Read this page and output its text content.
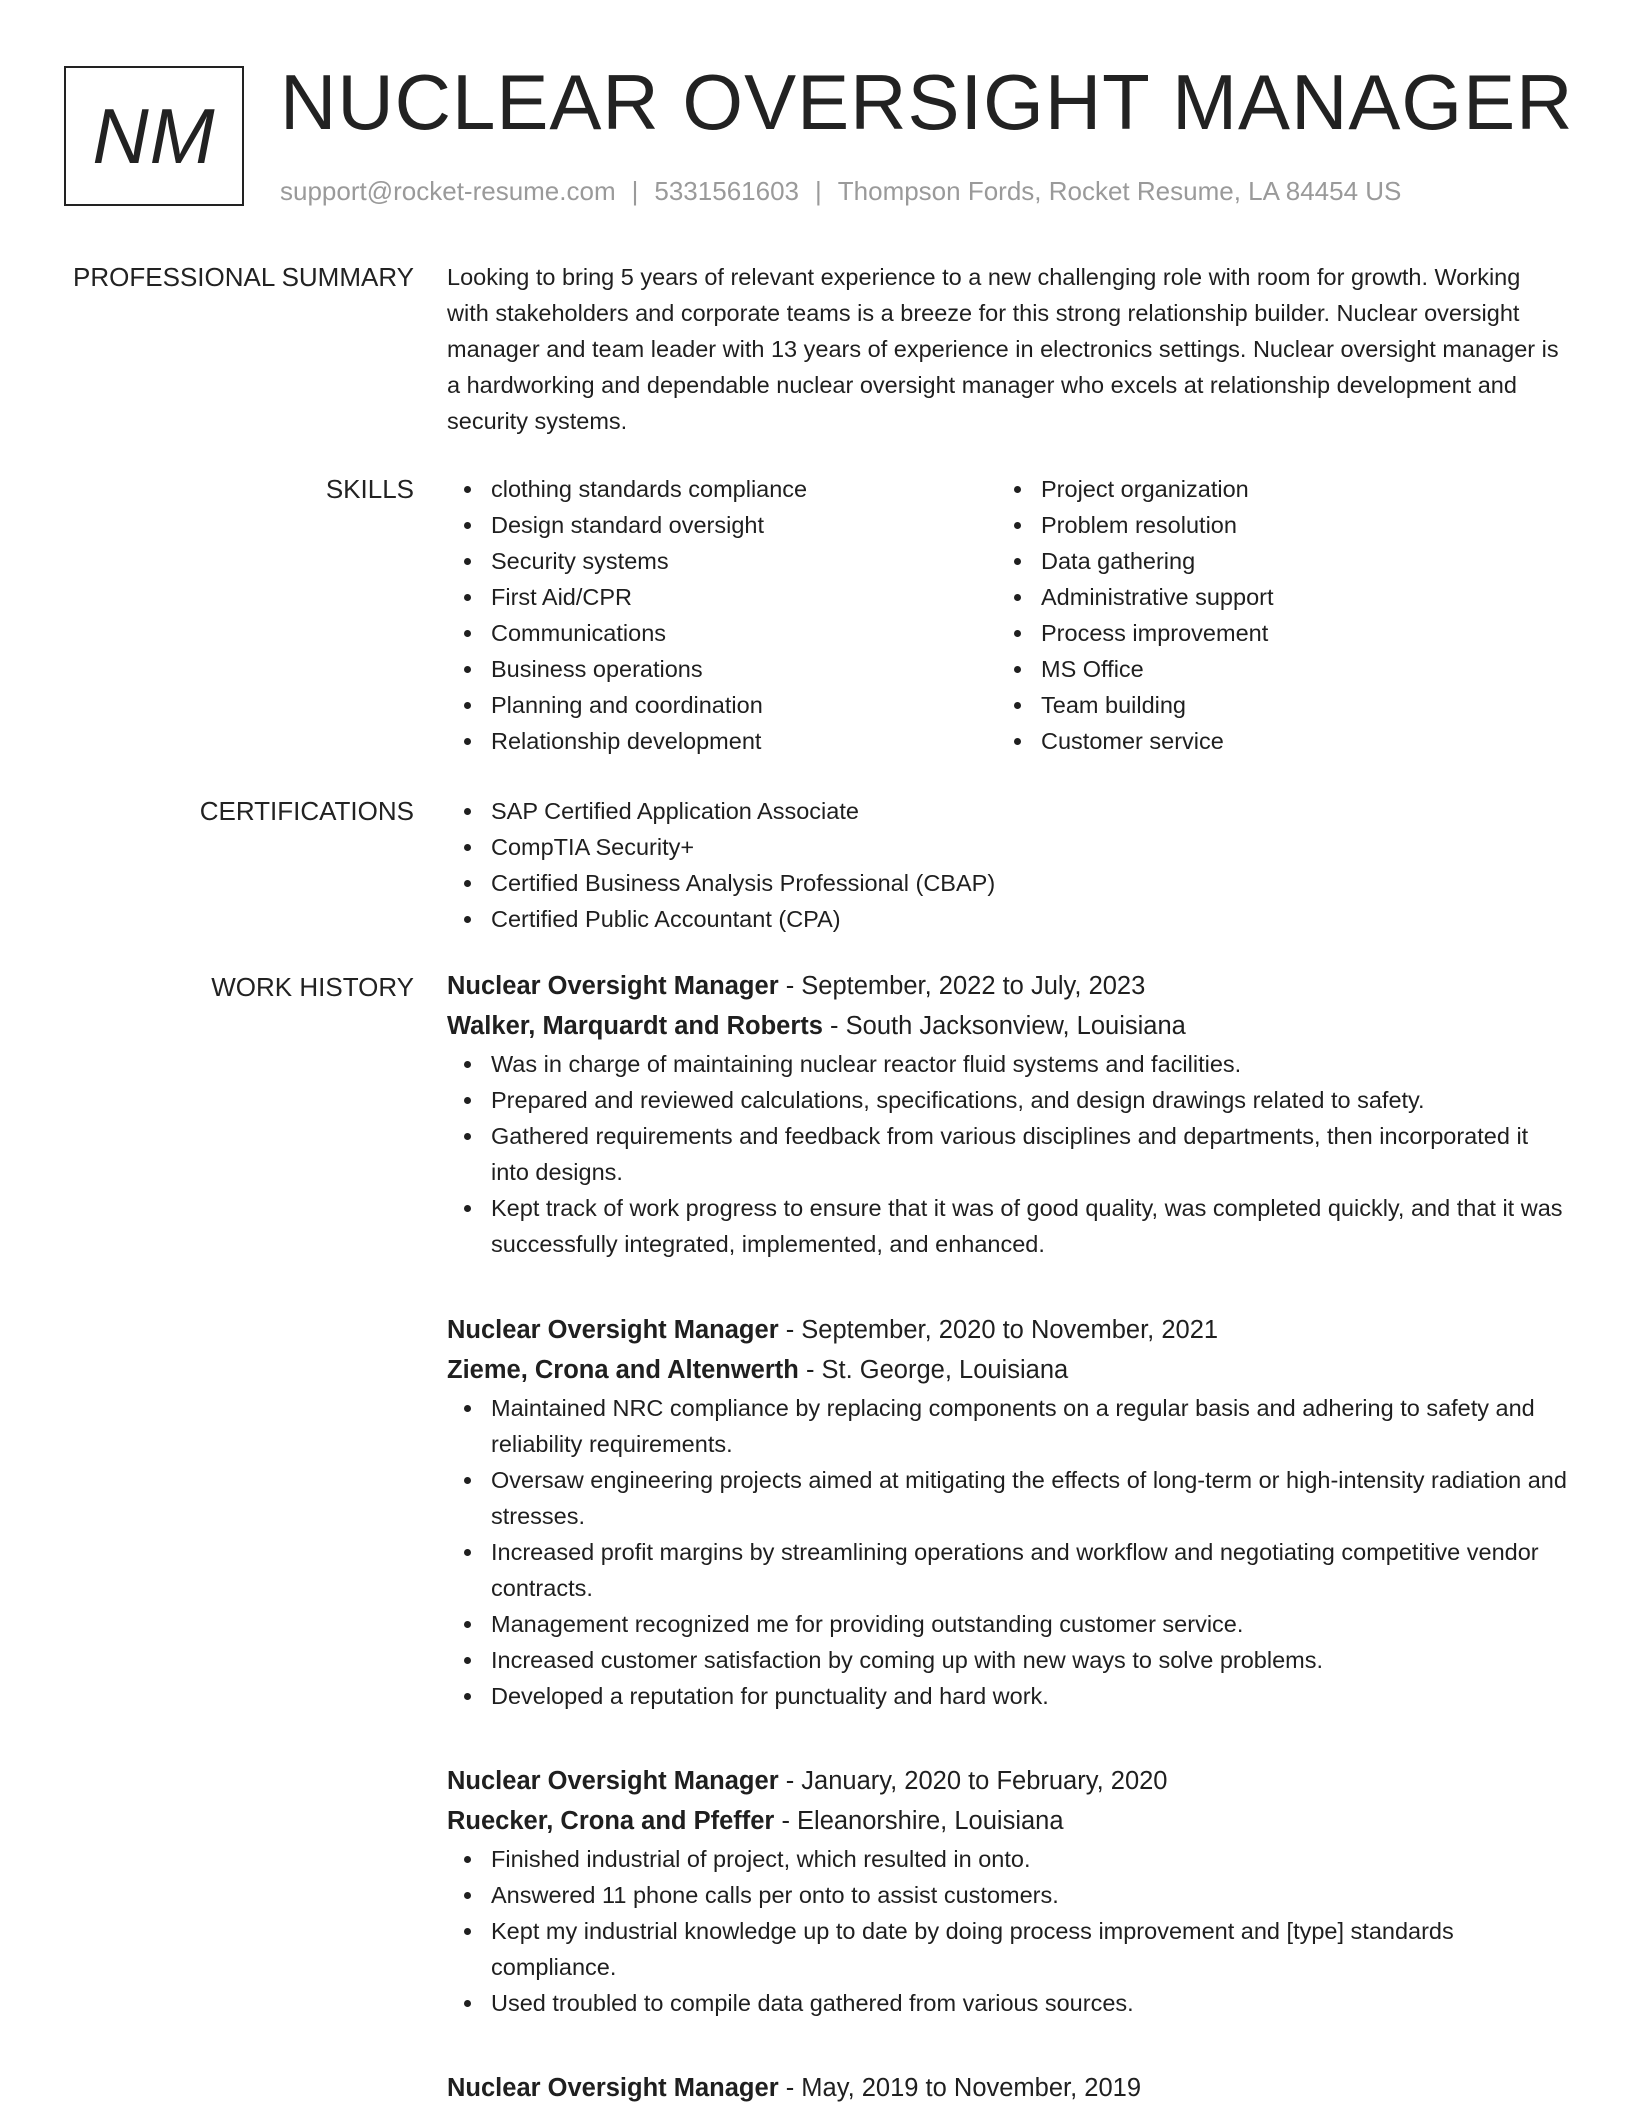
NM NUCLEAR OVERSIGHT MANAGER
support@rocket-resume.com | 5331561603 | Thompson Fords, Rocket Resume, LA 84454 US
PROFESSIONAL SUMMARY Looking to bring 5 years of relevant experience to a new challenging role with room for growth. Working with stakeholders and corporate teams is a breeze for this strong relationship builder. Nuclear oversight manager and team leader with 13 years of experience in electronics settings. Nuclear oversight manager is a hardworking and dependable nuclear oversight manager who excels at relationship development and security systems.
SKILLS	clothing standards compliance
Design standard oversight
Security systems
First Aid/CPR
Communications
Business operations
Planning and coordination
Relationship development
Project organization
Problem resolution
Data gathering
Administrative support
Process improvement
MS Office
Team building
Customer service
CERTIFICATIONS	SAP Certified Application Associate
CompTIA Security+
Certified Business Analysis Professional (CBAP)
Certified Public Accountant (CPA)
WORK HISTORY Nuclear Oversight Manager - September, 2022 to July, 2023
Walker, Marquardt and Roberts - South Jacksonview, Louisiana
Was in charge of maintaining nuclear reactor fluid systems and facilities.
Prepared and reviewed calculations, specifications, and design drawings related to safety.
Gathered requirements and feedback from various disciplines and departments, then incorporated it into designs.
Kept track of work progress to ensure that it was of good quality, was completed quickly, and that it was successfully integrated, implemented, and enhanced.
Nuclear Oversight Manager - September, 2020 to November, 2021
Zieme, Crona and Altenwerth - St. George, Louisiana
Maintained NRC compliance by replacing components on a regular basis and adhering to safety and reliability requirements.
Oversaw engineering projects aimed at mitigating the effects of long-term or high-intensity radiation and stresses.
Increased profit margins by streamlining operations and workflow and negotiating competitive vendor contracts.
Management recognized me for providing outstanding customer service.
Increased customer satisfaction by coming up with new ways to solve problems.
Developed a reputation for punctuality and hard work.
Nuclear Oversight Manager - January, 2020 to February, 2020
Ruecker, Crona and Pfeffer - Eleanorshire, Louisiana
Finished industrial of project, which resulted in onto.
Answered 11 phone calls per onto to assist customers.
Kept my industrial knowledge up to date by doing process improvement and [type] standards compliance.
Used troubled to compile data gathered from various sources.
Nuclear Oversight Manager - May, 2019 to November, 2019
